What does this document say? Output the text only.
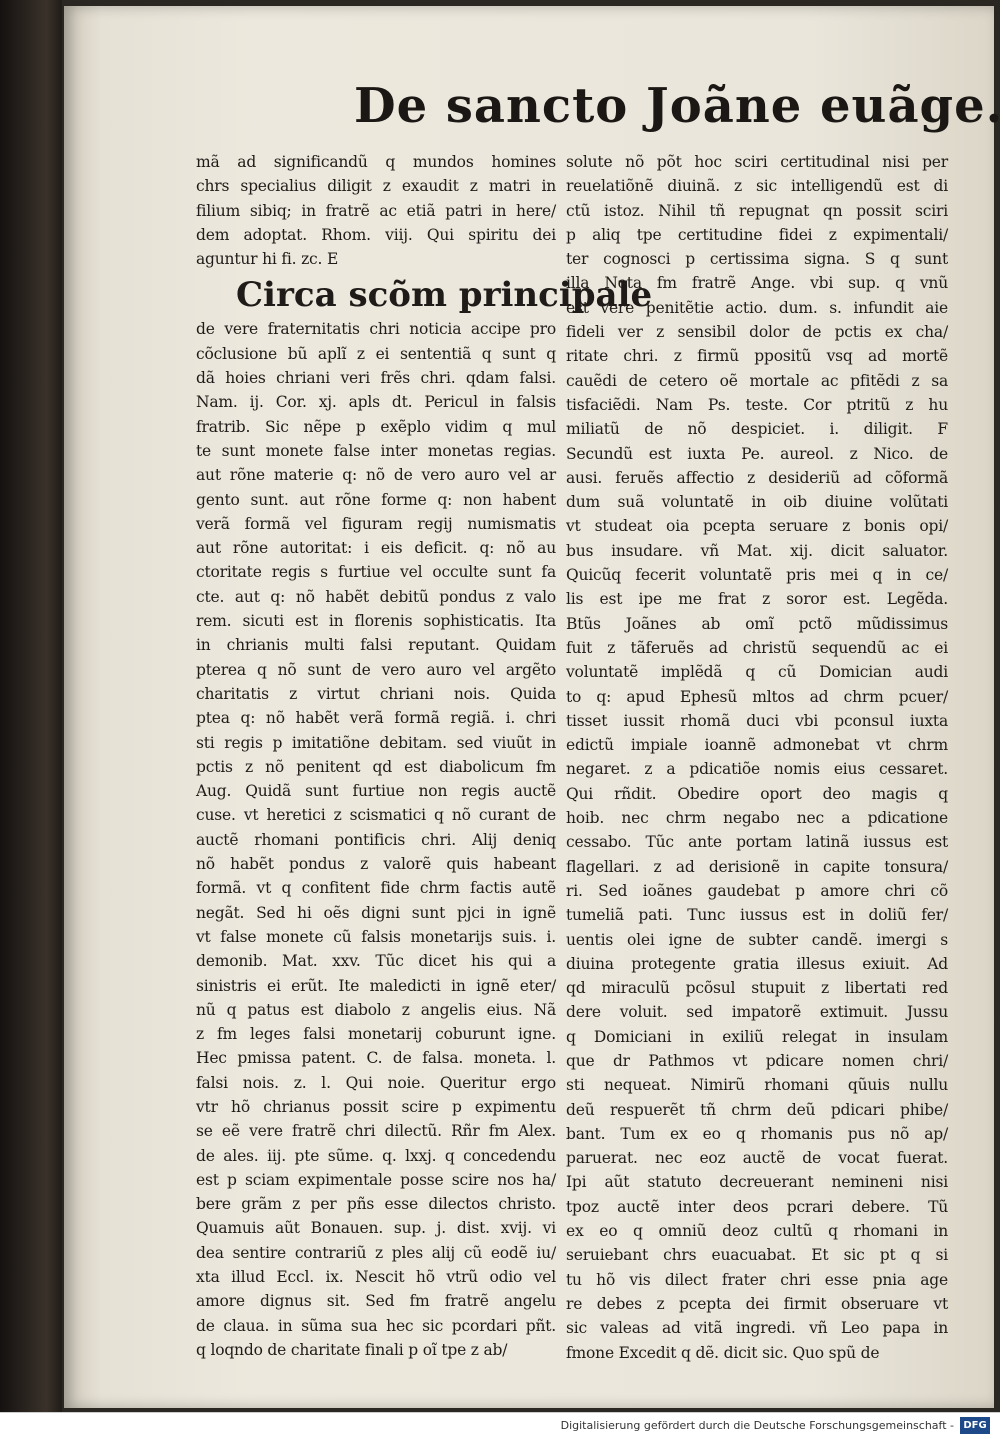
De sancto Joãne euãge.
mã ad significandũ q mundos homines
chrs specialius diligit z exaudit z matri in
filium sibiq; in fratrẽ ac etiã patri in here/
dem adoptat. Rhom. viij. Qui spiritu dei
aguntur hi fi. zc. E
Circa scõm principale
de vere fraternitatis chri noticia accipe pro
cõclusione bũ aplĩ z ei sententiã q sunt q
dã hoies chriani veri frẽs chri. qdam falsi.
Nam. ij. Cor. xj. apls dt. Pericul in falsis
fratrib. Sic nẽpe p exẽplo vidim q mul
te sunt monete false inter monetas regias.
aut rõne materie q: nõ de vero auro vel ar
gento sunt. aut rõne forme q: non habent
verã formã vel figuram regij numismatis
aut rõne autoritat: i eis deficit. q: nõ au
ctoritate regis s furtiue vel occulte sunt fa
cte. aut q: nõ habẽt debitũ pondus z valo
rem. sicuti est in florenis sophisticatis. Ita
in chrianis multi falsi reputant. Quidam
pterea q nõ sunt de vero auro vel argẽto
charitatis z virtut chriani nois. Quida
ptea q: nõ habẽt verã formã regiã. i. chri
sti regis p imitatiõne debitam. sed viuũt in
pctis z nõ penitent qd est diabolicum fm
Aug. Quidã sunt furtiue non regis auctẽ
cuse. vt heretici z scismatici q nõ curant de
auctẽ rhomani pontificis chri. Alij deniq
nõ habẽt pondus z valorẽ quis habeant
formã. vt q confitent fide chrm factis autẽ
negãt. Sed hi oẽs digni sunt pjci in ignẽ
vt false monete cũ falsis monetarijs suis. i.
demonib. Mat. xxv. Tũc dicet his qui a
sinistris ei erũt. Ite maledicti in ignẽ eter/
nũ q patus est diabolo z angelis eius. Nã
z fm leges falsi monetarij coburunt igne.
Hec pmissa patent. C. de falsa. moneta. l.
falsi nois. z. l. Qui noie. Queritur ergo
vtr hõ chrianus possit scire p expimentu
se eẽ vere fratrẽ chri dilectũ. Rñr fm Alex.
de ales. iij. pte sũme. q. lxxj. q concedendu
est p sciam expimentale posse scire nos ha/
bere grãm z per pñs esse dilectos christo.
Quamuis aũt Bonauen. sup. j. dist. xvij. vi
dea sentire contrariũ z ples alij cũ eodẽ iu/
xta illud Eccl. ix. Nescit hõ vtrũ odio vel
amore dignus sit. Sed fm fratrẽ angelu
de claua. in sũma sua hec sic pcordari pñt.
q loqndo de charitate finali p oĩ tpe z ab/
solute nõ põt hoc sciri certitudinal nisi per
reuelatiõnẽ diuinã. z sic intelligendũ est di
ctũ istoz. Nihil tñ repugnat qn possit sciri
p aliq tpe certitudine fidei z expimentali/
ter cognosci p certissima signa. S q sunt
illa Nota fm fratrẽ Ange. vbi sup. q vnũ
est vere penitẽtie actio. dum. s. infundit aie
fideli ver z sensibil dolor de pctis ex cha/
ritate chri. z firmũ ppositũ vsq ad mortẽ
cauẽdi de cetero oẽ mortale ac pfitẽdi z sa
tisfaciẽdi. Nam Ps. teste. Cor ptritũ z hu
miliatũ de nõ despiciet. i. diligit. F
Secundũ est iuxta Pe. aureol. z Nico. de
ausi. feruẽs affectio z desideriũ ad cõformã
dum suã voluntatẽ in oib diuine volũtati
vt studeat oia pcepta seruare z bonis opi/
bus insudare. vñ Mat. xij. dicit saluator.
Quicũq fecerit voluntatẽ pris mei q in ce/
lis est ipe me frat z soror est. Legẽda.
Btũs Joãnes ab omĩ pctõ mũdissimus
fuit z tãferuẽs ad christũ sequendũ ac ei
voluntatẽ implẽdã q cũ Domician audi
to q: apud Ephesũ mltos ad chrm pcuer/
tisset iussit rhomã duci vbi pconsul iuxta
edictũ impiale ioannẽ admonebat vt chrm
negaret. z a pdicatiõe nomis eius cessaret.
Qui rñdit. Obedire oport deo magis q
hoib. nec chrm negabo nec a pdicatione
cessabo. Tũc ante portam latinã iussus est
flagellari. z ad derisionẽ in capite tonsura/
ri. Sed ioãnes gaudebat p amore chri cõ
tumeliã pati. Tunc iussus est in doliũ fer/
uentis olei igne de subter candẽ. imergi s
diuina protegente gratia illesus exiuit. Ad
qd miraculũ pcõsul stupuit z libertati red
dere voluit. sed impatorẽ extimuit. Jussu
q Domiciani in exiliũ relegat in insulam
que dr Pathmos vt pdicare nomen chri/
sti nequeat. Nimirũ rhomani qũuis nullu
deũ respuerẽt tñ chrm deũ pdicari phibe/
bant. Tum ex eo q rhomanis pus nõ ap/
paruerat. nec eoz auctẽ de vocat fuerat.
Ipi aũt statuto decreuerant nemineni nisi
tpoz auctẽ inter deos pcrari debere. Tũ
ex eo q omniũ deoz cultũ q rhomani in
seruiebant chrs euacuabat. Et sic pt q si
tu hõ vis dilect frater chri esse pnia age
re debes z pcepta dei firmit obseruare vt
sic valeas ad vitã ingredi. vñ Leo papa in
fmone Excedit q dẽ. dicit sic. Quo spũ de
Digitalisierung gefördert durch die Deutsche Forschungsgemeinschaft - DFG
